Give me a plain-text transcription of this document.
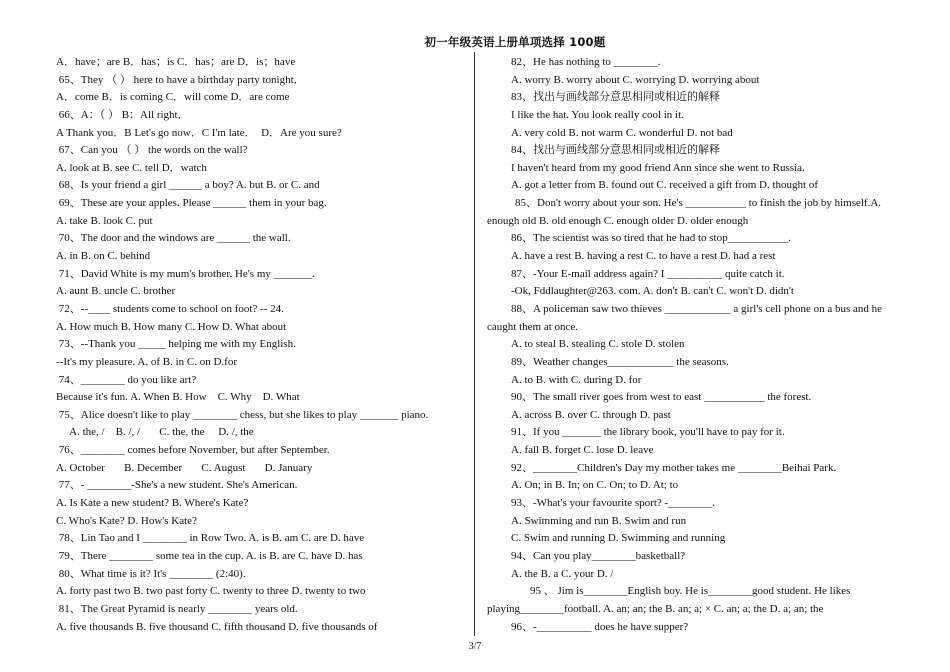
初一年级英语上册单项选择 100题
A．have；are B．has；is C．has；are D．is；have
65、They （ ） here to have a birthday party tonight．
A．come B．is coming C．will come D．are come
66、A：（ ） B：All right．
A Thank you．B Let's go now．C I'm late．  D．Are you sure?
67、Can you （ ） the words on the wall?
A. look at B. see C. tell D．watch
68、Is your friend a girl ______ a boy? A. but B. or C. and
69、These are your apples. Please ______ them in your bag.
A. take B. look C. put
70、The door and the windows are ______ the wall.
A. in B. on C. behind
71、David White is my mum's brother. He's my _______.
A. aunt B. uncle C. brother
72、--____ students come to school on foot? -- 24.
A. How much B. How many C. How D. What about
73、--Thank you _____ helping me with my English.
--It's my pleasure. A. of B. in C. on D.for
74、________ do you like art?
Because it's fun. A. When B. How    C. Why    D. What
75、Alice doesn't like to play ________ chess, but she likes to play _______ piano.
A. the, /    B. /, /       C. the, the     D. /, the
76、________ comes before November, but after September.
A. October       B. December       C. August       D. January
77、- ________-She's a new student. She's American.
A. Is Kate a new student? B. Where's Kate?
C. Who's Kate? D. How's Kate?
78、Lin Tao and I ________ in Row Two. A. is B. am C. are D. have
79、There ________ some tea in the cup. A. is B. are C. have D. has
80、What time is it? It's ________ (2:40).
A. forty past two B. two past forty C. twenty to three D. twenty to two
81、The Great Pyramid is nearly ________ years old.
A. five thousands B. five thousand C. fifth thousand D. five thousands of
82、He has nothing to ________.
A. worry B. worry about C. worrying D. worrying about
83、找出与画线部分意思相同或相近的解释
I like the hat. You look really cool in it.
A. very cold B. not warm C. wonderful D. not bad
84、找出与画线部分意思相同或相近的解释
I haven't heard from my good friend Ann since she went to Russia.
A. got a letter from B. found out C. received a gift from D. thought of
85、Don't worry about your son. He's ___________ to finish the job by himself.A.
enough old B. old enough C. enough older D. older enough
86、The scientist was so tired that he had to stop___________.
A. have a rest B. having a rest C. to have a rest D. had a rest
87、-Your E-mail address again? I __________ quite catch it.
-Ok, Fddlaughter@263. com. A. don't B. can't C. won't D. didn't
88、A policeman saw two thieves ____________ a girl's cell phone on a bus and he
caught them at once.
A. to steal B. stealing C. stole D. stolen
89、Weather changes____________ the seasons.
A. to B. with C. during D. for
90、The small river goes from west to east ___________ the forest.
A. across B. over C. through D. past
91、If you _______ the library book, you'll have to pay for it.
A. fall B. forget C. lose D. leave
92、________Children's Day my mother takes me ________Beihai Park.
A. On; in B. In; on C. On; to D. At; to
93、-What's your favourite sport? -________.
A. Swimming and run B. Swim and run
C. Swim and running D. Swimming and running
94、Can you play________basketball?
A. the B. a C. your D. /
95 、 Jim is________English boy. He is________good student. He likes
playing________football. A. an; an; the B. an; a; × C. an; a; the D. a; an; the
96、-__________ does he have supper?
3/7
